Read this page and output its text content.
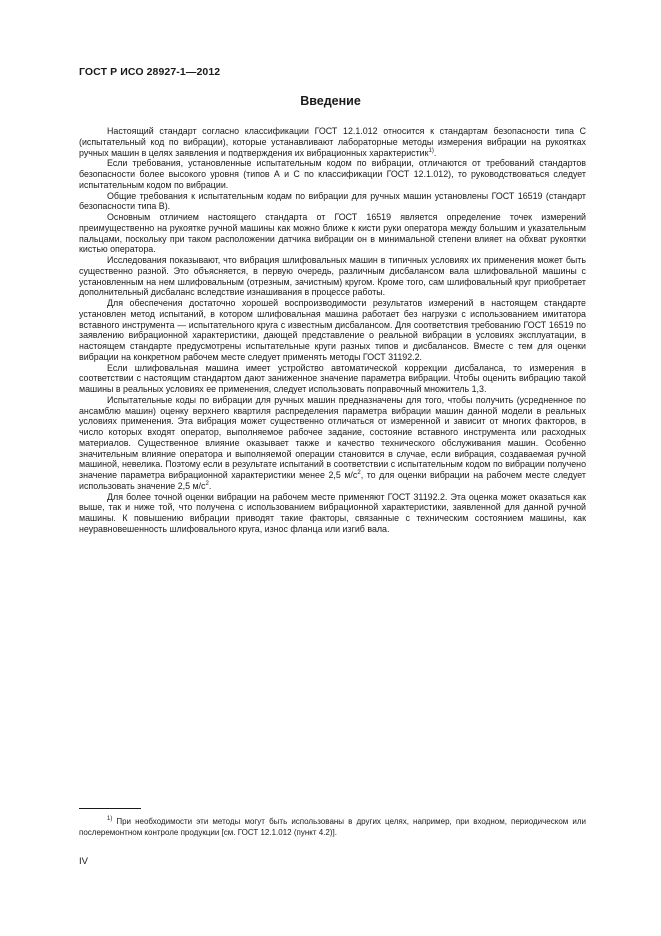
ГОСТ Р ИСО 28927-1—2012
Введение

Настоящий стандарт согласно классификации ГОСТ 12.1.012 относится к стандартам безопасности типа С (испытательный код по вибрации), которые устанавливают лабораторные методы измерения вибрации на рукоятках ручных машин в целях заявления и подтверждения их вибрационных характеристик$^{1)}$.

Если требования, установленные испытательным кодом по вибрации, отличаются от требований стандартов безопасности более высокого уровня (типов А и С по классификации ГОСТ 12.1.012), то руководствоваться следует испытательным кодом по вибрации.

Общие требования к испытательным кодам по вибрации для ручных машин установлены ГОСТ 16519 (стандарт безопасности типа В).

Основным отличием настоящего стандарта от ГОСТ 16519 является определение точек измерений преимущественно на рукоятке ручной машины как можно ближе к кисти руки оператора между большим и указательным пальцами, поскольку при таком расположении датчика вибрации он в минимальной степени влияет на обхват рукоятки кистью оператора.

Исследования показывают, что вибрация шлифовальных машин в типичных условиях их применения может быть существенно разной. Это объясняется, в первую очередь, различным дисбалансом вала шлифовальной машины с установленным на нем шлифовальным (отрезным, зачистным) кругом. Кроме того, сам шлифовальный круг приобретает дополнительный дисбаланс вследствие изнашивания в процессе работы.

Для обеспечения достаточно хорошей воспроизводимости результатов измерений в настоящем стандарте установлен метод испытаний, в котором шлифовальная машина работает без нагрузки с использованием имитатора вставного инструмента — испытательного круга с известным дисбалансом. Для соответствия требованию ГОСТ 16519 по заявлению вибрационной характеристики, дающей представление о реальной вибрации в условиях эксплуатации, в настоящем стандарте предусмотрены испытательные круги разных типов и дисбалансов. Вместе с тем для оценки вибрации на конкретном рабочем месте следует применять методы ГОСТ 31192.2.

Если шлифовальная машина имеет устройство автоматической коррекции дисбаланса, то измерения в соответствии с настоящим стандартом дают заниженное значение параметра вибрации. Чтобы оценить вибрацию такой машины в реальных условиях ее применения, следует использовать поправочный множитель 1,3.

Испытательные коды по вибрации для ручных машин предназначены для того, чтобы получить (усредненное по ансамблю машин) оценку верхнего квартиля распределения параметра вибрации машин данной модели в реальных условиях применения. Эта вибрация может существенно отличаться от измеренной и зависит от многих факторов, в число которых входят оператор, выполняемое рабочее задание, состояние вставного инструмента или расходных материалов. Существенное влияние оказывает также и качество технического обслуживания машин. Особенно значительным влияние оператора и выполняемой операции становится в случае, если вибрация, создаваемая ручной машиной, невелика. Поэтому если в результате испытаний в соответствии с испытательным кодом по вибрации получено значение параметра вибрационной характеристики менее 2,5 $м/с^2$, то для оценки вибрации на рабочем месте следует использовать значение 2,5 $м/с^2$.

Для более точной оценки вибрации на рабочем месте применяют ГОСТ 31192.2. Эта оценка может оказаться как выше, так и ниже той, что получена с использованием вибрационной характеристики, заявленной для данной ручной машины. К повышению вибрации приводят такие факторы, связанные с техническим состоянием машины, как неуравновешенность шлифовального круга, износ фланца или изгиб вала.

$^{1)}$ При необходимости эти методы могут быть использованы в других целях, например, при входном, периодическом или послеремонтном контроле продукции [см. ГОСТ 12.1.012 (пункт 4.2)].
IV
